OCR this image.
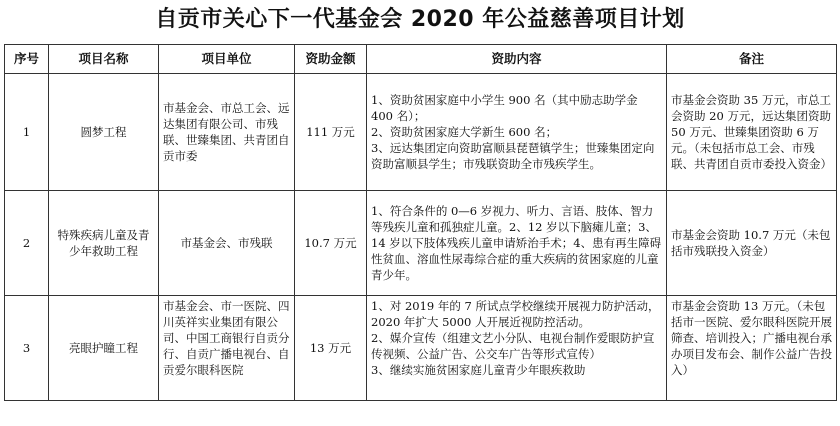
自贡市关心下一代基金会 2020 年公益慈善项目计划
序号	项目名称	项目单位	资助金额	资助内容	备注
1	圆梦工程	市基金会、市总工会、远达集团有限公司、市残联、世臻集团、共青团自贡市委	111 万元	1、资助贫困家庭中小学生 900 名（其中励志助学金 400 名）；
2、资助贫困家庭大学新生 600 名；
3、远达集团定向资助富顺县琵琶镇学生；世臻集团定向资助富顺县学生；市残联资助全市残疾学生。	市基金会资助 35 万元，市总工会资助 20 万元，远达集团资助 50 万元、世臻集团资助 6 万元。（未包括市总工会、市残联、共青团自贡市委投入资金）
2	特殊疾病儿童及青少年救助工程	市基金会、市残联	10.7 万元	1、符合条件的 0—6 岁视力、听力、言语、肢体、智力等残疾儿童和孤独症儿童。2、12 岁以下脑瘫儿童；3、14 岁以下肢体残疾儿童申请矫治手术；4、患有再生障碍性贫血、溶血性尿毒综合症的重大疾病的贫困家庭的儿童青少年。	市基金会资助 10.7 万元（未包括市残联投入资金）
3	亮眼护瞳工程	市基金会、市一医院、四川英祥实业集团有限公司、中国工商银行自贡分行、自贡广播电视台、自贡爱尔眼科医院	13 万元	1、对 2019 年的 7 所试点学校继续开展视力防护活动，2020 年扩大 5000 人开展近视防控活动。
2、媒介宣传（组建文艺小分队、电视台制作爱眼防护宣传视频、公益广告、公交车广告等形式宣传）
3、继续实施贫困家庭儿童青少年眼疾救助	市基金会资助 13 万元。（未包括市一医院、爱尔眼科医院开展筛查、培训投入；广播电视台承办项目发布会、制作公益广告投入）
